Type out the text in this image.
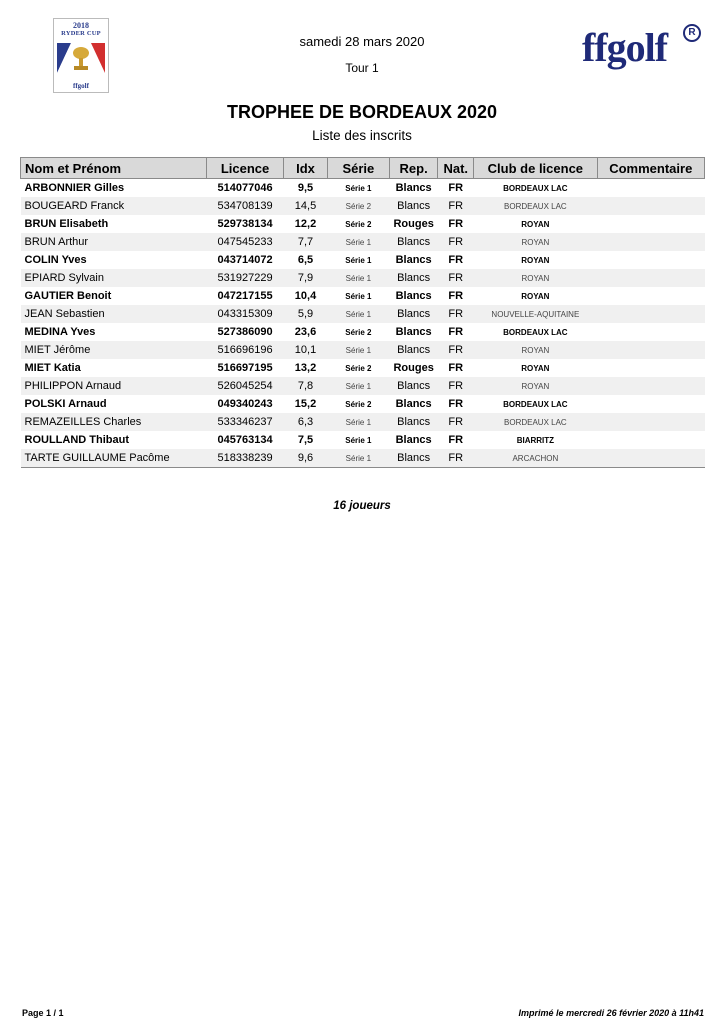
2018
RYDER CUP
ffgolf
samedi 28 mars 2020
Tour 1	ffgolf	R
TROPHEE DE BORDEAUX 2020
Liste des inscrits
Nom et Prénom	Licence	Idx	Série	Rep.	Nat.	Club de licence	Commentaire
ARBONNIER Gilles	514077046	9,5	Série 1	Blancs	FR	BORDEAUX LAC	
BOUGEARD Franck	534708139	14,5	Série 2	Blancs	FR	BORDEAUX LAC	
BRUN Elisabeth	529738134	12,2	Série 2	Rouges	FR	ROYAN	
BRUN Arthur	047545233	7,7	Série 1	Blancs	FR	ROYAN	
COLIN Yves	043714072	6,5	Série 1	Blancs	FR	ROYAN	
EPIARD Sylvain	531927229	7,9	Série 1	Blancs	FR	ROYAN	
GAUTIER Benoit	047217155	10,4	Série 1	Blancs	FR	ROYAN	
JEAN Sebastien	043315309	5,9	Série 1	Blancs	FR	NOUVELLE-AQUITAINE	
MEDINA Yves	527386090	23,6	Série 2	Blancs	FR	BORDEAUX LAC	
MIET Jérôme	516696196	10,1	Série 1	Blancs	FR	ROYAN	
MIET Katia	516697195	13,2	Série 2	Rouges	FR	ROYAN	
PHILIPPON Arnaud	526045254	7,8	Série 1	Blancs	FR	ROYAN	
POLSKI Arnaud	049340243	15,2	Série 2	Blancs	FR	BORDEAUX LAC	
REMAZEILLES Charles	533346237	6,3	Série 1	Blancs	FR	BORDEAUX LAC	
ROULLAND Thibaut	045763134	7,5	Série 1	Blancs	FR	BIARRITZ	
TARTE GUILLAUME Pacôme	518338239	9,6	Série 1	Blancs	FR	ARCACHON	
16 joueurs
Page 1 / 1	Imprimé le mercredi 26 février 2020 à 11h41
